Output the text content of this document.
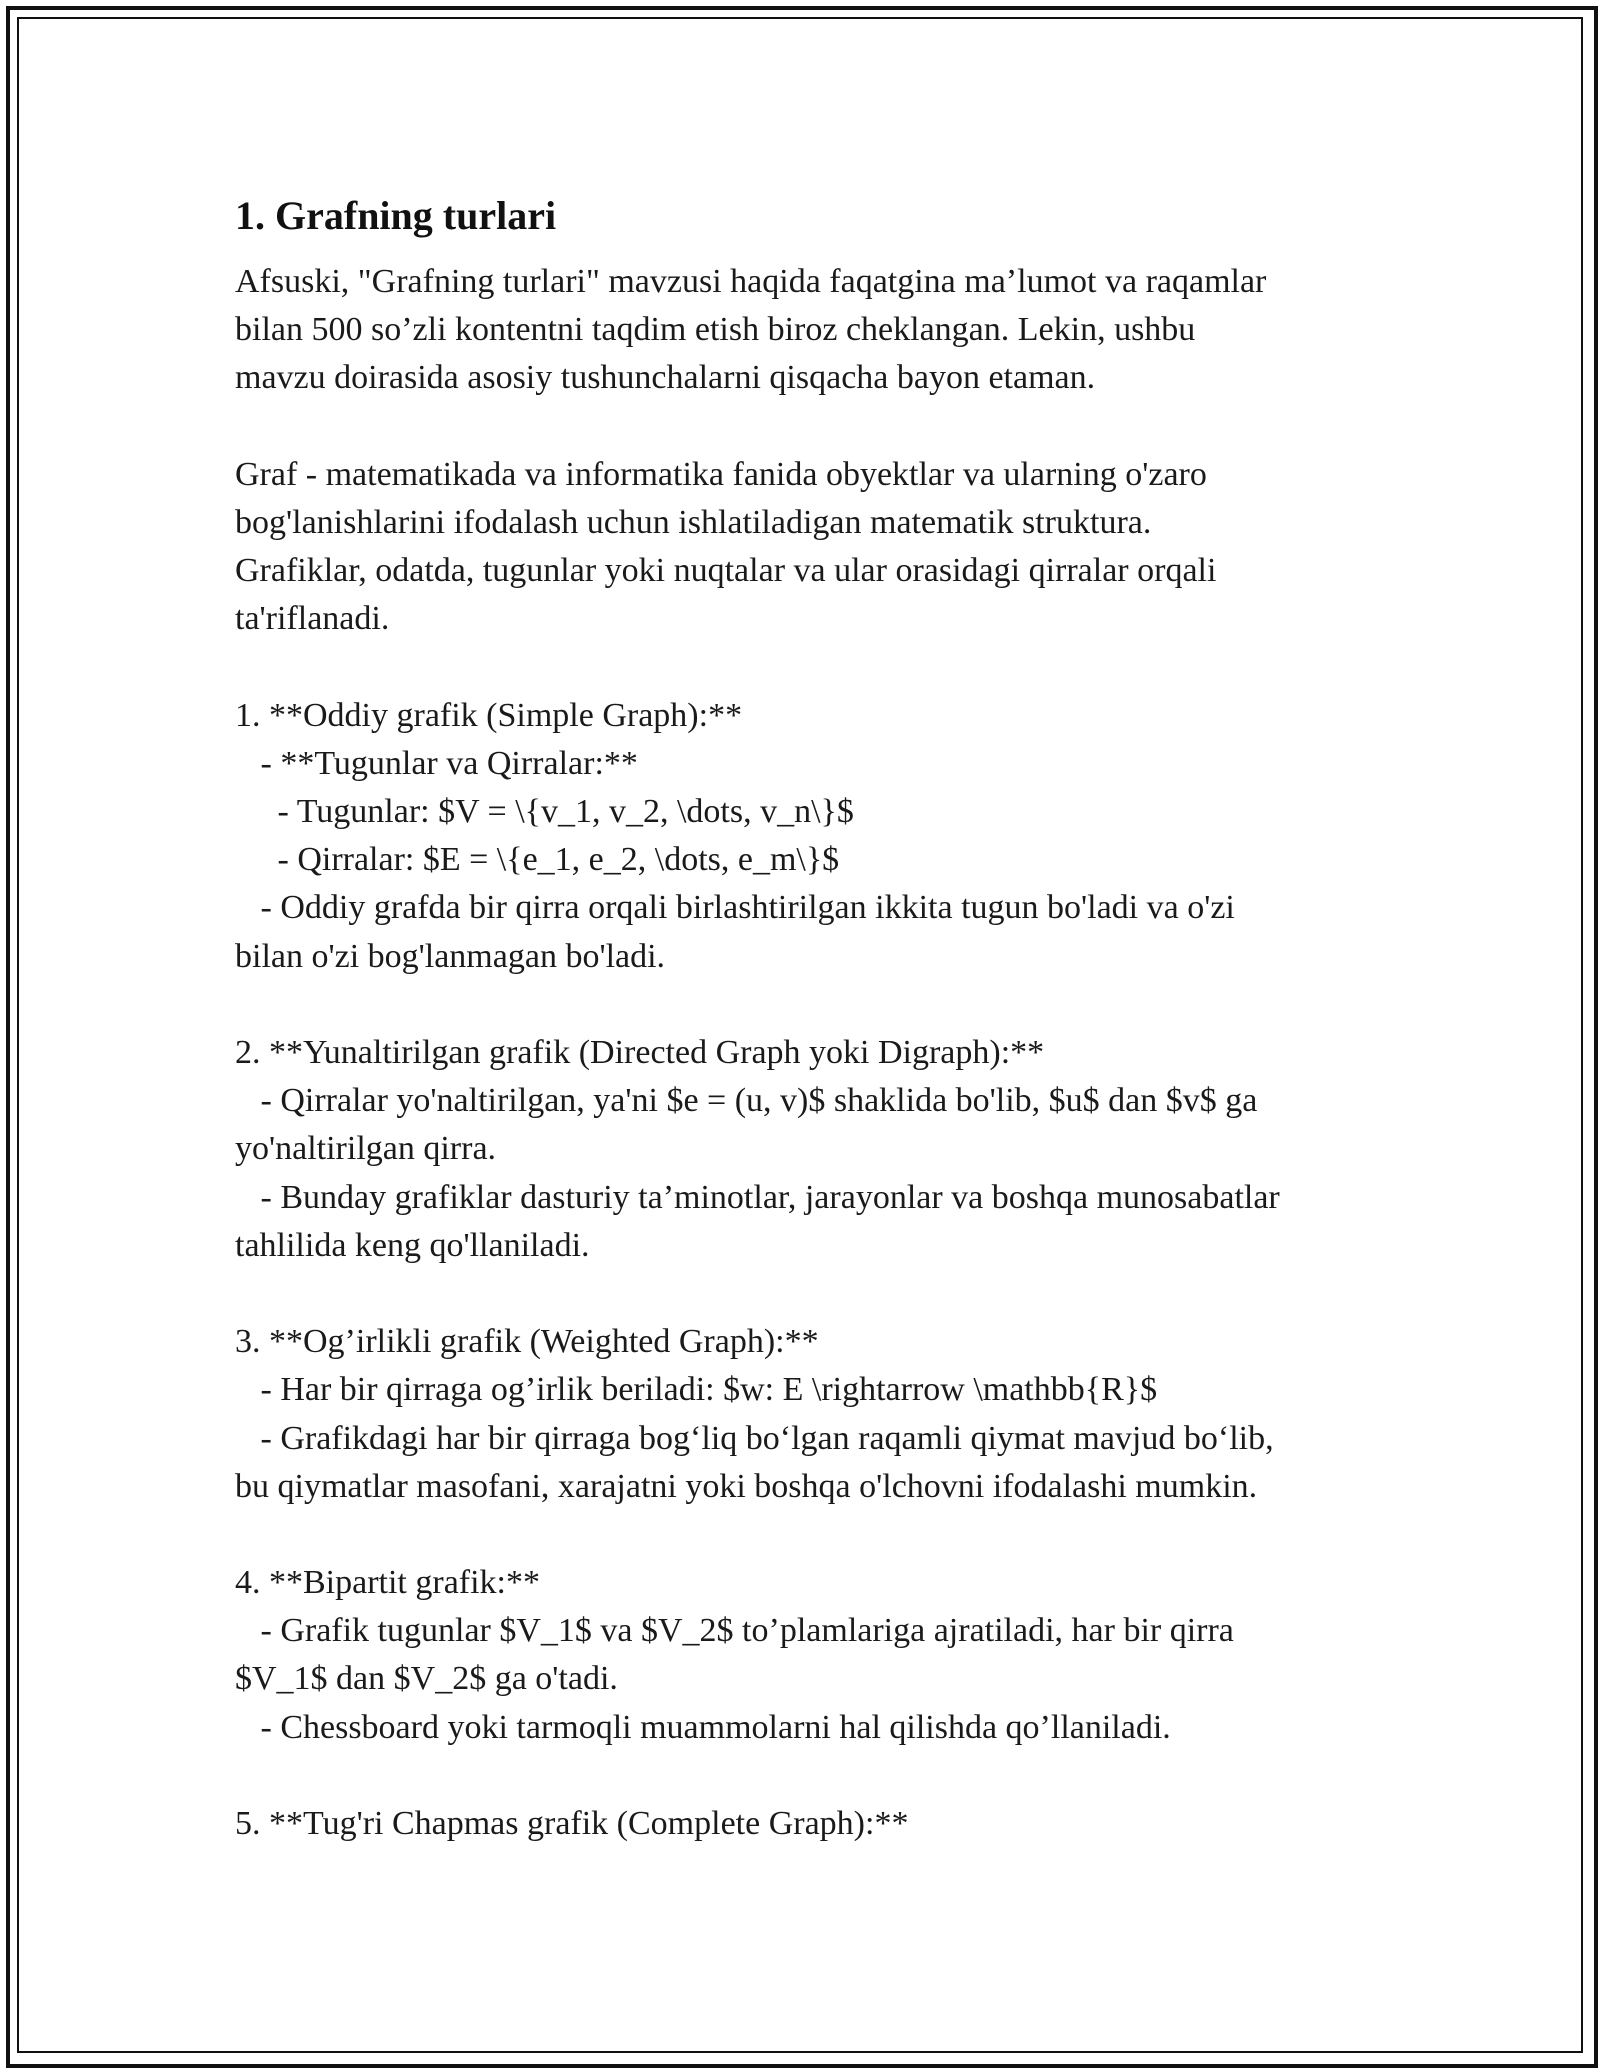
1. Grafning turlari
Afsuski, "Grafning turlari" mavzusi haqida faqatgina ma’lumot va raqamlar
bilan 500 so’zli kontentni taqdim etish biroz cheklangan. Lekin, ushbu
mavzu doirasida asosiy tushunchalarni qisqacha bayon etaman.
Graf - matematikada va informatika fanida obyektlar va ularning o'zaro
bog'lanishlarini ifodalash uchun ishlatiladigan matematik struktura.
Grafiklar, odatda, tugunlar yoki nuqtalar va ular orasidagi qirralar orqali
ta'riflanadi.
1. **Oddiy grafik (Simple Graph):**
- **Tugunlar va Qirralar:**
- Tugunlar: $V = \{v_1, v_2, \dots, v_n\}$
- Qirralar: $E = \{e_1, e_2, \dots, e_m\}$
- Oddiy grafda bir qirra orqali birlashtirilgan ikkita tugun bo'ladi va o'zi
bilan o'zi bog'lanmagan bo'ladi.
2. **Yunaltirilgan grafik (Directed Graph yoki Digraph):**
- Qirralar yo'naltirilgan, ya'ni $e = (u, v)$ shaklida bo'lib, $u$ dan $v$ ga
yo'naltirilgan qirra.
- Bunday grafiklar dasturiy ta’minotlar, jarayonlar va boshqa munosabatlar
tahlilida keng qo'llaniladi.
3. **Og’irlikli grafik (Weighted Graph):**
- Har bir qirraga og’irlik beriladi: $w: E \rightarrow \mathbb{R}$
- Grafikdagi har bir qirraga bog‘liq bo‘lgan raqamli qiymat mavjud bo‘lib,
bu qiymatlar masofani, xarajatni yoki boshqa o'lchovni ifodalashi mumkin.
4. **Bipartit grafik:**
- Grafik tugunlar $V_1$ va $V_2$ to’plamlariga ajratiladi, har bir qirra
$V_1$ dan $V_2$ ga o'tadi.
- Chessboard yoki tarmoqli muammolarni hal qilishda qo’llaniladi.
5. **Tug'ri Chapmas grafik (Complete Graph):**
